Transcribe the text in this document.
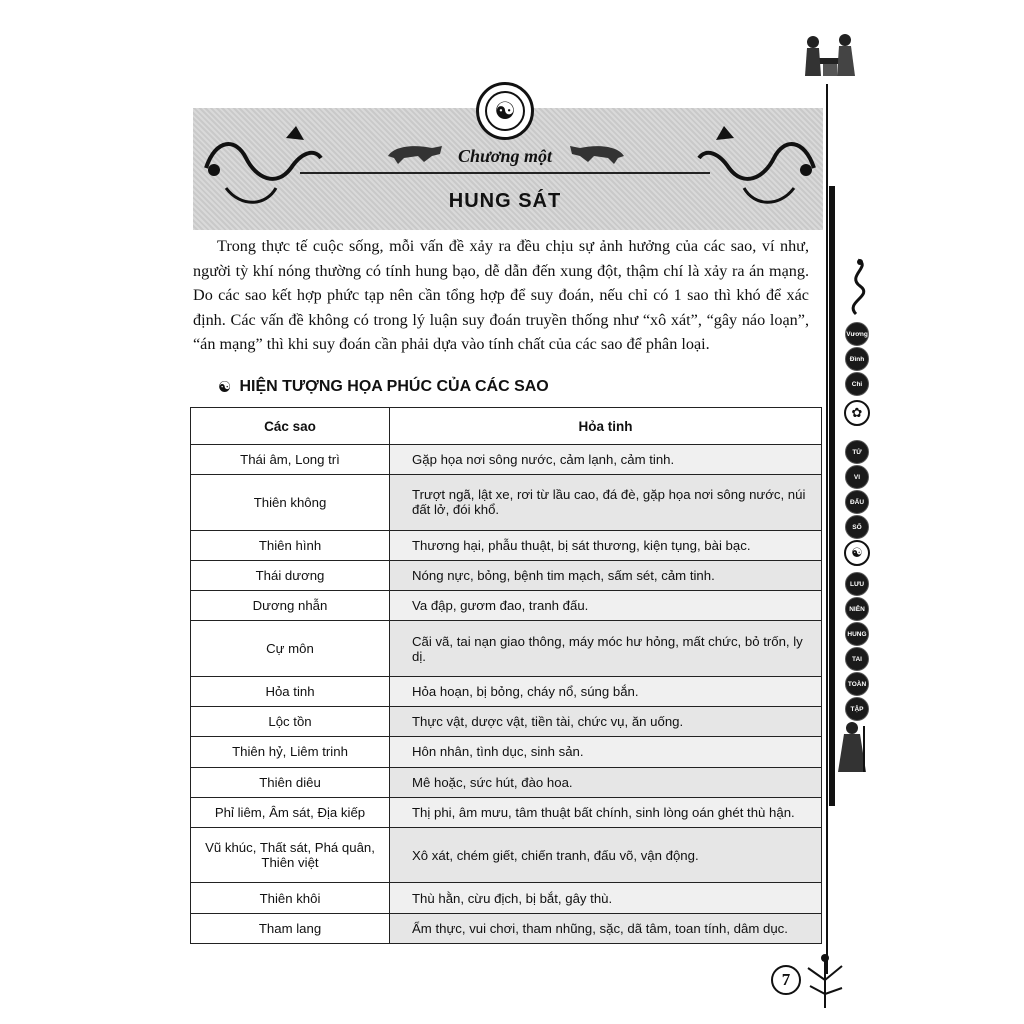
☯
Chương một
HUNG SÁT
Trong thực tế cuộc sống, mỗi vấn đề xảy ra đều chịu sự ảnh hưởng của các sao, ví như, người tỳ khí nóng thường có tính hung bạo, dễ dẫn đến xung đột, thậm chí là xảy ra án mạng. Do các sao kết hợp phức tạp nên cần tổng hợp để suy đoán, nếu chỉ có 1 sao thì khó để xác định. Các vấn đề không có trong lý luận suy đoán truyền thống như “xô xát”, “gây náo loạn”, “án mạng” thì khi suy đoán cần phải dựa vào tính chất của các sao để phân loại.
☯ HIỆN TƯỢNG HỌA PHÚC CỦA CÁC SAO
Các sao	Hỏa tinh
Thái âm, Long trì	Gặp họa nơi sông nước, cảm lạnh, cảm tinh.
Thiên không	Trượt ngã, lật xe, rơi từ lầu cao, đá đè, gặp họa nơi sông nước, núi đất lở, đói khổ.
Thiên hình	Thương hại, phẫu thuật, bị sát thương, kiện tụng, bài bạc.
Thái dương	Nóng nực, bỏng, bệnh tim mạch, sấm sét, cảm tinh.
Dương nhẫn	Va đập, gươm đao, tranh đấu.
Cự môn	Cãi vã, tai nạn giao thông, máy móc hư hỏng, mất chức, bỏ trốn, ly dị.
Hỏa tinh	Hỏa hoạn, bị bỏng, cháy nổ, súng bắn.
Lộc tồn	Thực vật, dược vật, tiền tài, chức vụ, ăn uống.
Thiên hỷ, Liêm trinh	Hôn nhân, tình dục, sinh sản.
Thiên diêu	Mê hoặc, sức hút, đào hoa.
Phỉ liêm, Âm sát, Địa kiếp	Thị phi, âm mưu, tâm thuật bất chính, sinh lòng oán ghét thù hận.
Vũ khúc, Thất sát, Phá quân, Thiên việt	Xô xát, chém giết, chiến tranh, đấu võ, vận động.
Thiên khôi	Thù hằn, cừu địch, bị bắt, gây thù.
Tham lang	Ẩm thực, vui chơi, tham nhũng, sặc, dã tâm, toan tính, dâm dục.
Vương
Đình
Chi
✿
TỬ
VI
ĐẨU
SỐ
☯
LƯU
NIÊN
HUNG
TAI
TOÀN
TẬP
7
